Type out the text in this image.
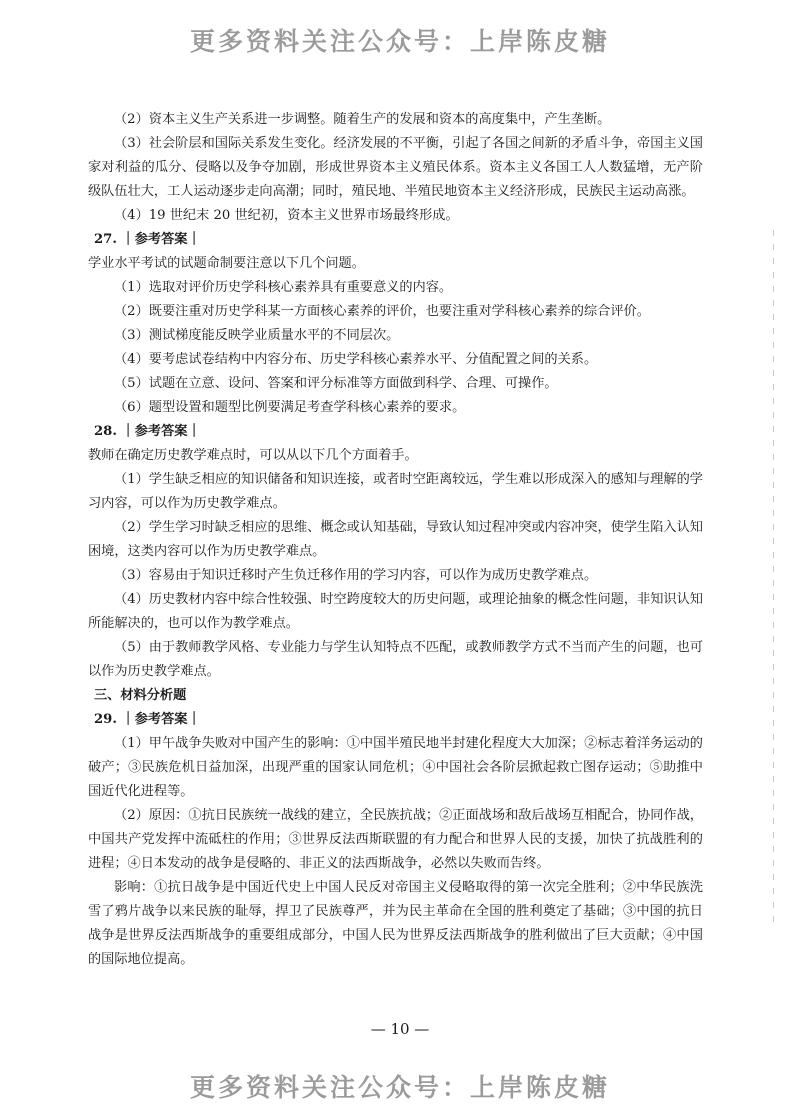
更多资料关注公众号：上岸陈皮糖

（2）资本主义生产关系进一步调整。随着生产的发展和资本的高度集中，产生垄断。

（3）社会阶层和国际关系发生变化。经济发展的不平衡，引起了各国之间新的矛盾斗争，帝国主义国家对利益的瓜分、侵略以及争夺加剧，形成世界资本主义殖民体系。资本主义各国工人人数猛增，无产阶级队伍壮大，工人运动逐步走向高潮；同时，殖民地、半殖民地资本主义经济形成，民族民主运动高涨。

（4）19 世纪末 20 世纪初，资本主义世界市场最终形成。

27. ｜参考答案｜

学业水平考试的试题命制要注意以下几个问题。

（1）选取对评价历史学科核心素养具有重要意义的内容。

（2）既要注重对历史学科某一方面核心素养的评价，也要注重对学科核心素养的综合评价。

（3）测试梯度能反映学业质量水平的不同层次。

（4）要考虑试卷结构中内容分布、历史学科核心素养水平、分值配置之间的关系。

（5）试题在立意、设问、答案和评分标准等方面做到科学、合理、可操作。

（6）题型设置和题型比例要满足考查学科核心素养的要求。

28. ｜参考答案｜

教师在确定历史教学难点时，可以从以下几个方面着手。

（1）学生缺乏相应的知识储备和知识连接，或者时空距离较远，学生难以形成深入的感知与理解的学习内容，可以作为历史教学难点。

（2）学生学习时缺乏相应的思维、概念或认知基础，导致认知过程冲突或内容冲突，使学生陷入认知困境，这类内容可以作为历史教学难点。

（3）容易由于知识迁移时产生负迁移作用的学习内容，可以作为成历史教学难点。

（4）历史教材内容中综合性较强、时空跨度较大的历史问题，或理论抽象的概念性问题，非知识认知所能解决的，也可以作为教学难点。

（5）由于教师教学风格、专业能力与学生认知特点不匹配，或教师教学方式不当而产生的问题，也可以作为历史教学难点。

三、材料分析题

29. ｜参考答案｜

（1）甲午战争失败对中国产生的影响：①中国半殖民地半封建化程度大大加深；②标志着洋务运动的破产；③民族危机日益加深，出现严重的国家认同危机；④中国社会各阶层掀起救亡图存运动；⑤助推中国近代化进程等。

（2）原因：①抗日民族统一战线的建立，全民族抗战；②正面战场和敌后战场互相配合，协同作战，中国共产党发挥中流砥柱的作用；③世界反法西斯联盟的有力配合和世界人民的支援，加快了抗战胜利的进程；④日本发动的战争是侵略的、非正义的法西斯战争，必然以失败而告终。

影响：①抗日战争是中国近代史上中国人民反对帝国主义侵略取得的第一次完全胜利；②中华民族洗雪了鸦片战争以来民族的耻辱，捍卫了民族尊严，并为民主革命在全国的胜利奠定了基础；③中国的抗日战争是世界反法西斯战争的重要组成部分，中国人民为世界反法西斯战争的胜利做出了巨大贡献；④中国的国际地位提高。

— 10 —
更多资料关注公众号：上岸陈皮糖
